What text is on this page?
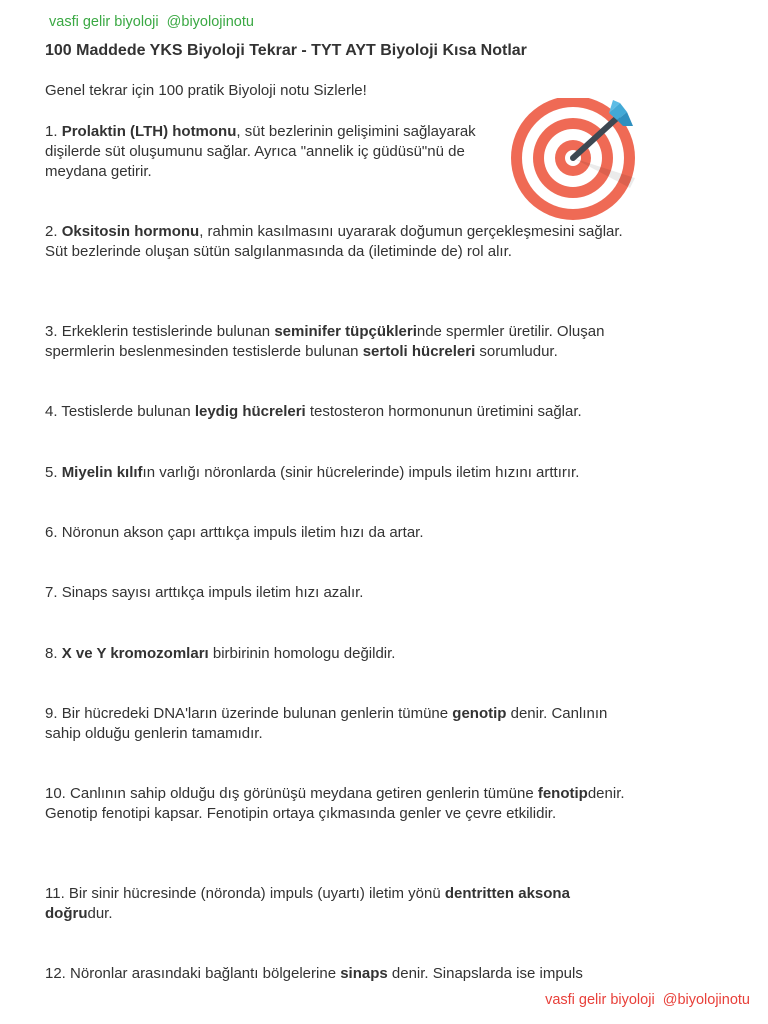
vasfi gelir biyoloji  @biyolojinotu
100 Maddede YKS Biyoloji Tekrar - TYT AYT Biyoloji Kısa Notlar

Genel tekrar için 100 pratik Biyoloji notu Sizlerle!

1. Prolaktin (LTH) hotmonu, süt bezlerinin gelişimini sağlayarak dişilerde süt oluşumunu sağlar. Ayrıca "annelik iç güdüsü"nü de meydana getirir.

2. Oksitosin hormonu, rahmin kasılmasını uyararak doğumun gerçekleşmesini sağlar. Süt bezlerinde oluşan sütün salgılanmasında da (iletiminde de) rol alır.

3. Erkeklerin testislerinde bulunan seminifer tüpçüklerinde spermler üretilir. Oluşan spermlerin beslenmesinden testislerde bulunan sertoli hücreleri sorumludur.

4. Testislerde bulunan leydig hücreleri testosteron hormonunun üretimini sağlar.

5. Miyelin kılıfın varlığı nöronlarda (sinir hücrelerinde) impuls iletim hızını arttırır.

6. Nöronun akson çapı arttıkça impuls iletim hızı da artar.

7. Sinaps sayısı arttıkça impuls iletim hızı azalır.

8. X ve Y kromozomları birbirinin homologu değildir.

9. Bir hücredeki DNA'ların üzerinde bulunan genlerin tümüne genotip denir. Canlının sahip olduğu genlerin tamamıdır.

10. Canlının sahip olduğu dış görünüşü meydana getiren genlerin tümüne fenotipdenir. Genotip fenotipi kapsar. Fenotipin ortaya çıkmasında genler ve çevre etkilidir.

11. Bir sinir hücresinde (nöronda) impuls (uyartı) iletim yönü dentritten aksona doğrudur.

12. Nöronlar arasındaki bağlantı bölgelerine sinaps denir. Sinapslarda ise impuls

vasfi gelir biyoloji  @biyolojinotu
